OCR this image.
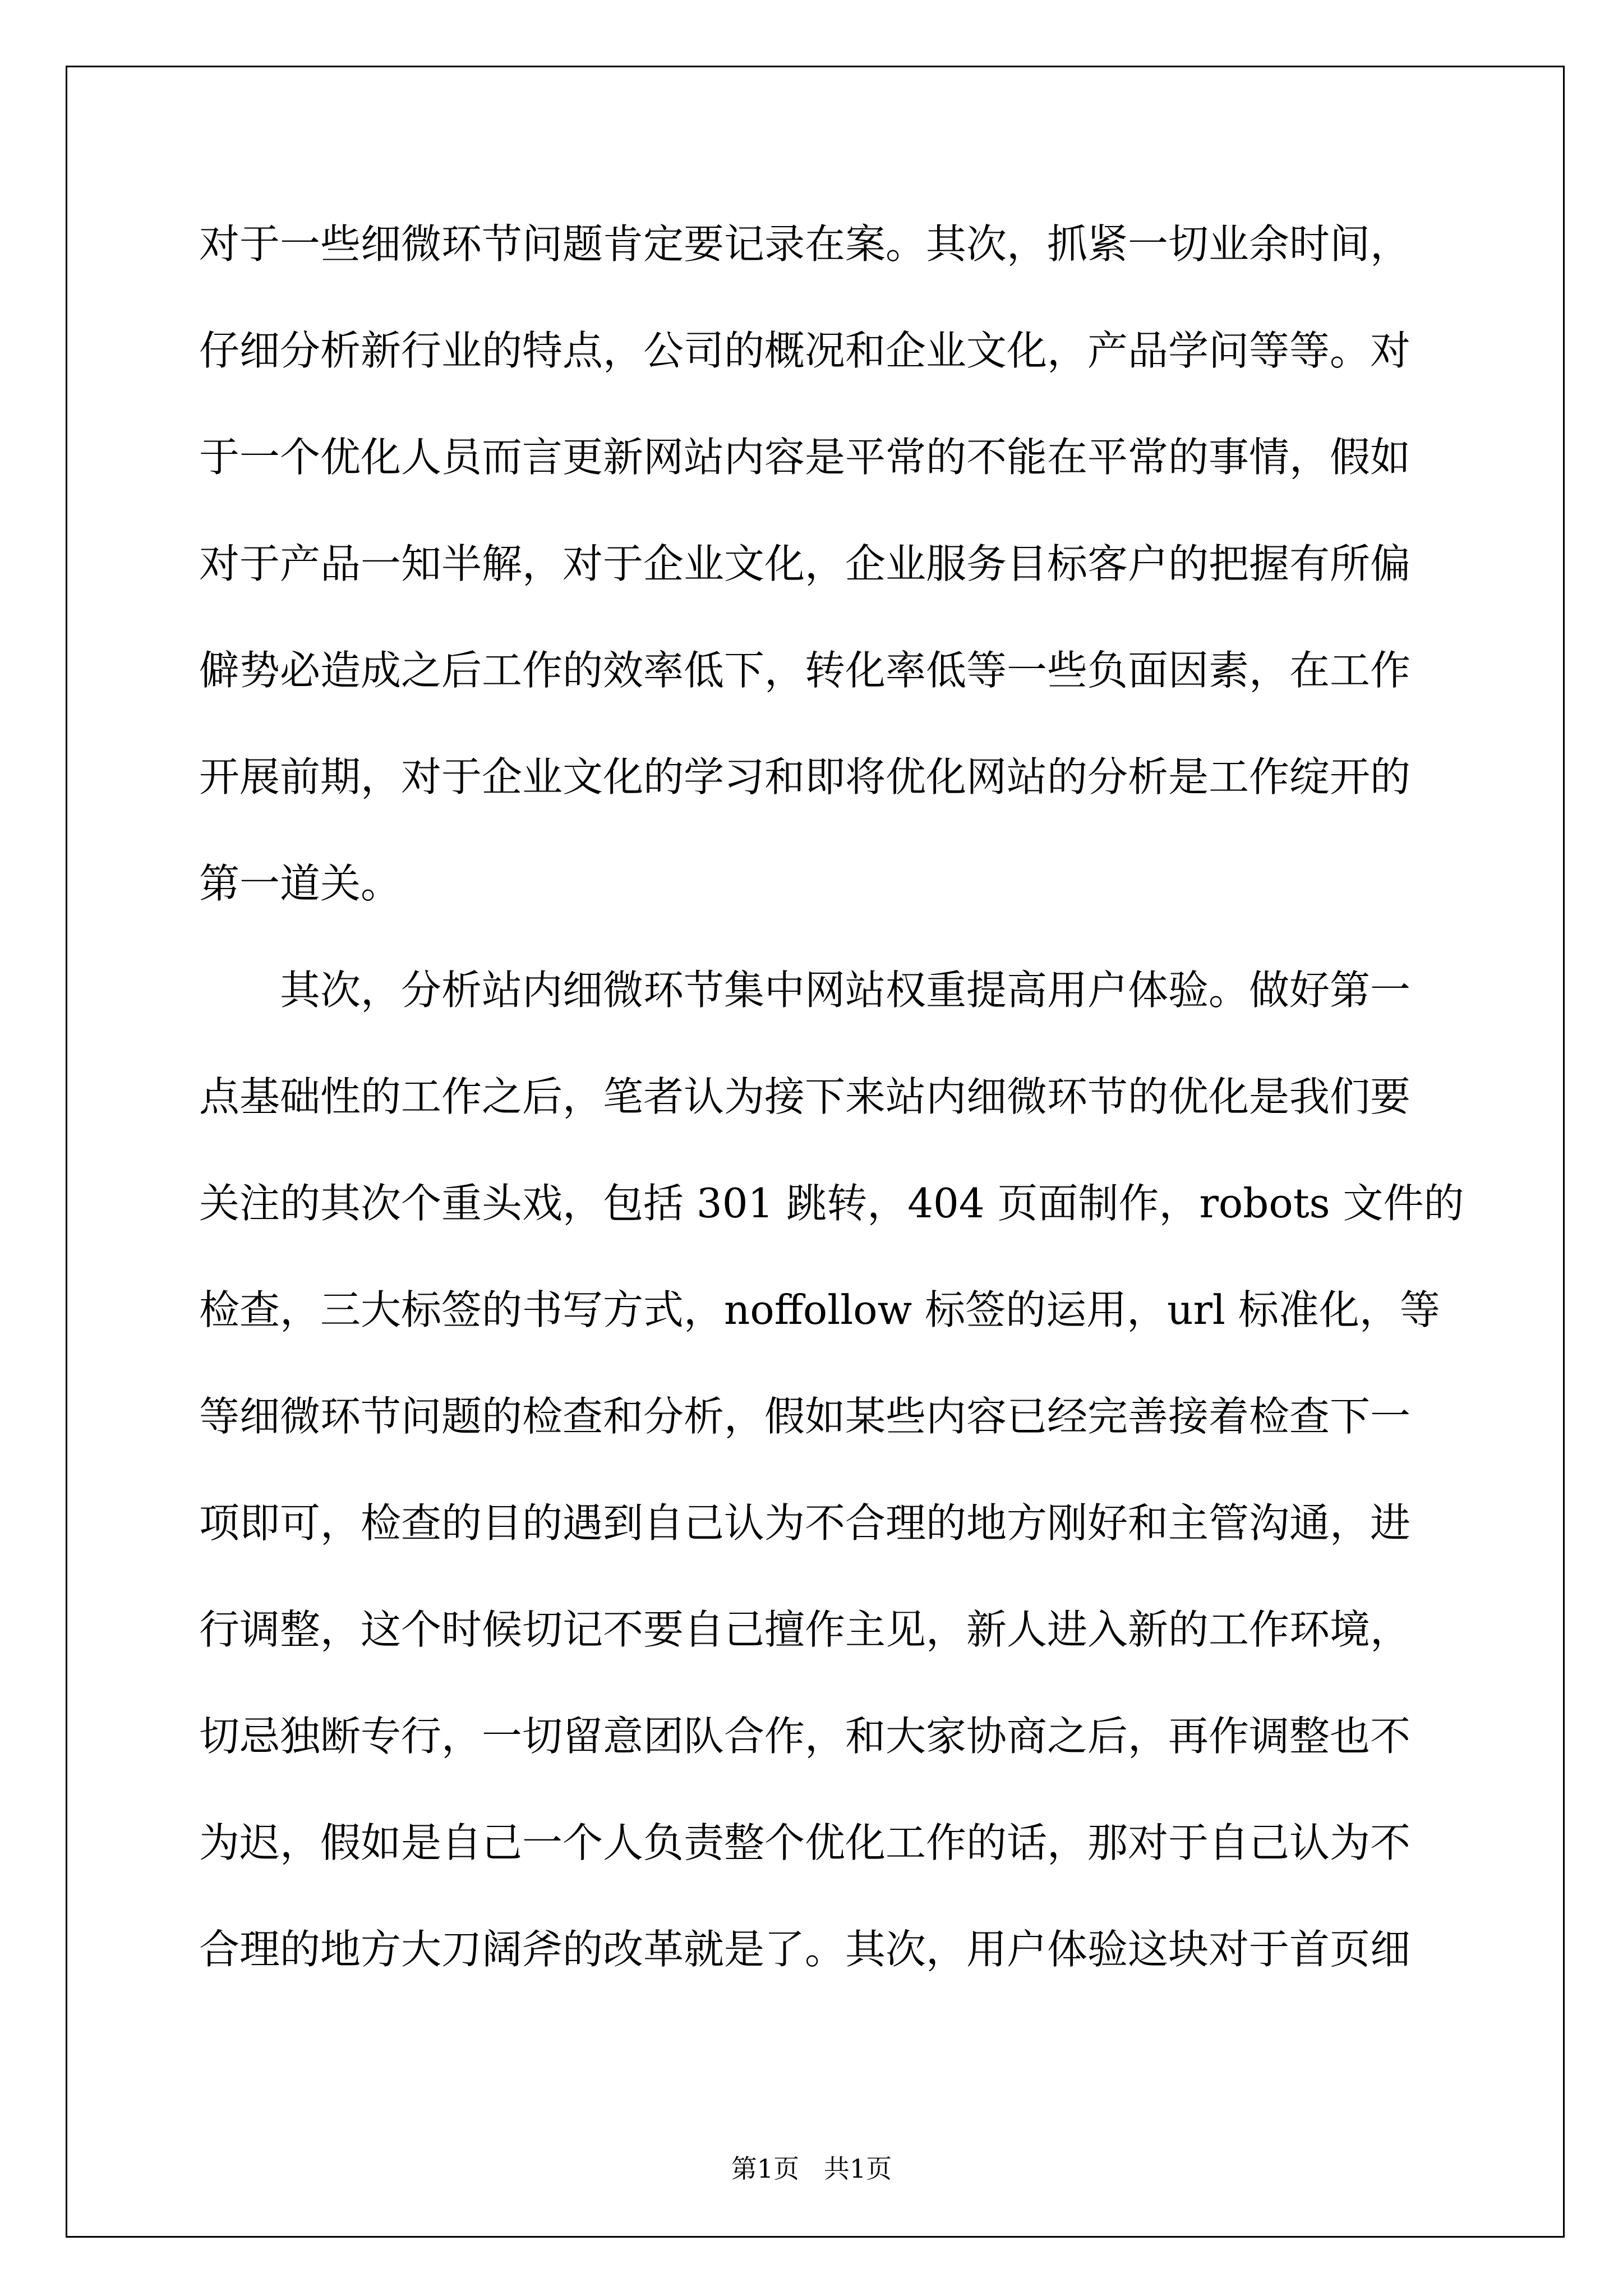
对于一些细微环节问题肯定要记录在案。其次，抓紧一切业余时间，
仔细分析新行业的特点，公司的概况和企业文化，产品学问等等。对
于一个优化人员而言更新网站内容是平常的不能在平常的事情，假如
对于产品一知半解，对于企业文化，企业服务目标客户的把握有所偏
僻势必造成之后工作的效率低下，转化率低等一些负面因素，在工作
开展前期，对于企业文化的学习和即将优化网站的分析是工作绽开的
第一道关。
　　其次，分析站内细微环节集中网站权重提高用户体验。做好第一
点基础性的工作之后，笔者认为接下来站内细微环节的优化是我们要
关注的其次个重头戏，包括 301 跳转，404 页面制作，robots 文件的
检查，三大标签的书写方式，noffollow 标签的运用，url 标准化，等
等细微环节问题的检查和分析，假如某些内容已经完善接着检查下一
项即可，检查的目的遇到自己认为不合理的地方刚好和主管沟通，进
行调整，这个时候切记不要自己擅作主见，新人进入新的工作环境，
切忌独断专行，一切留意团队合作，和大家协商之后，再作调整也不
为迟，假如是自己一个人负责整个优化工作的话，那对于自己认为不
合理的地方大刀阔斧的改革就是了。其次，用户体验这块对于首页细
第1页   共1页
